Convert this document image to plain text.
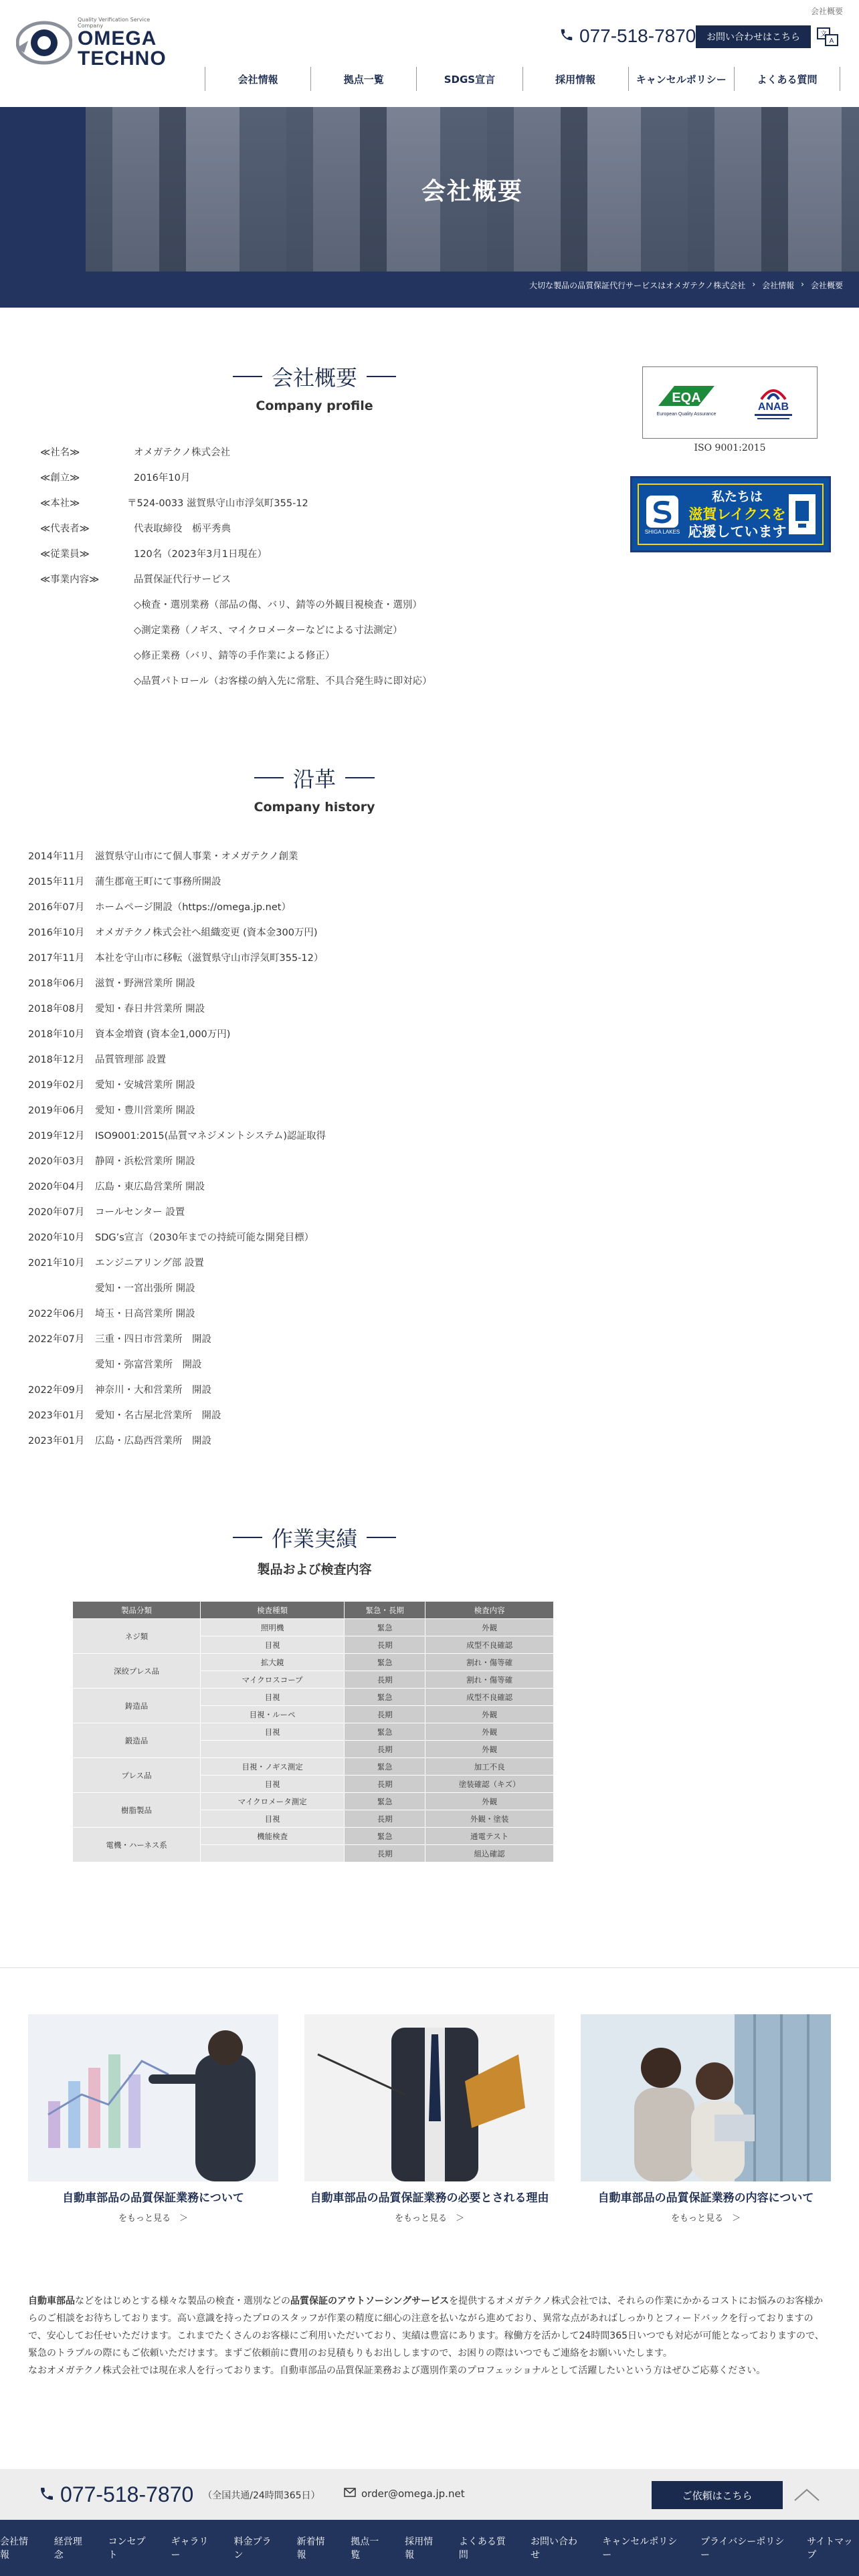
会社概要
Quality Verification Service Company
OMEGA
TECHNO
077-518-7870	お問い合わせはこちら	文
A
会社情報	拠点一覧	SDGS宣言	採用情報	キャンセルポリシー	よくある質問
会社概要
大切な製品の品質保証代行サービスはオメガテクノ株式会社 › 会社情報 › 会社概要
会社概要
Company profile
≪社名≫	オメガテクノ株式会社
≪創立≫	2016年10月
≪本社≫	〒524-0033 滋賀県守山市浮気町355-12
≪代表者≫	代表取締役　栃平秀典
≪従業員≫	120名（2023年3月1日現在）
≪事業内容≫	品質保証代行サービス
◇検査・選別業務（部品の傷、バリ、錆等の外観目視検査・選別）
◇測定業務（ノギス、マイクロメーターなどによる寸法測定）
◇修正業務（バリ、錆等の手作業による修正）
◇品質パトロール（お客様の納入先に常駐、不具合発生時に即対応）
EQA
European Quality Assurance
ANAB
ISO 9001:2015
SHIGA LAKES
私たちは
滋賀レイクスを
応援しています
沿革
Company history
2014年11月	滋賀県守山市にて個人事業・オメガテクノ創業
2015年11月	蒲生郡竜王町にて事務所開設
2016年07月	ホームページ開設（https://omega.jp.net）
2016年10月	オメガテクノ株式会社へ組織変更 (資本金300万円)
2017年11月	本社を守山市に移転（滋賀県守山市浮気町355-12）
2018年06月	滋賀・野洲営業所 開設
2018年08月	愛知・春日井営業所 開設
2018年10月	資本金増資 (資本金1,000万円)
2018年12月	品質管理部 設置
2019年02月	愛知・安城営業所 開設
2019年06月	愛知・豊川営業所 開設
2019年12月	ISO9001:2015(品質マネジメントシステム)認証取得
2020年03月	静岡・浜松営業所 開設
2020年04月	広島・東広島営業所 開設
2020年07月	コールセンター 設置
2020年10月	SDG’s宣言（2030年までの持続可能な開発目標）
2021年10月	エンジニアリング部 設置
愛知・一宮出張所 開設
2022年06月	埼玉・日高営業所 開設
2022年07月	三重・四日市営業所　開設
愛知・弥富営業所　開設
2022年09月	神奈川・大和営業所　開設
2023年01月	愛知・名古屋北営業所　開設
2023年01月	広島・広島西営業所　開設
作業実績
製品および検査内容
製品分類	検査種類	緊急・長期	検査内容
ネジ類	照明機	緊急	外観
	目視	長期	成型不良確認
深絞プレス品	拡大鏡	緊急	割れ・傷等確
	マイクロスコープ	長期	割れ・傷等確
鋳造品	目視	緊急	成型不良確認
	目視・ルーペ	長期	外観
鍛造品	目視	緊急	外観
		長期	外観
プレス品	目視・ノギス測定	緊急	加工不良
	目視	長期	塗装確認（キズ）
樹脂製品	マイクロメータ測定	緊急	外観
	目視	長期	外観・塗装
電機・ハーネス系	機能検査	緊急	通電テスト
		長期	組込確認
自動車部品の品質保証業務について
をもっと見る　＞
自動車部品の品質保証業務の必要とされる理由
をもっと見る　＞
自動車部品の品質保証業務の内容について
をもっと見る　＞

自動車部品などをはじめとする様々な製品の検査・選別などの品質保証のアウトソーシングサービスを提供するオメガテクノ株式会社では、それらの作業にかかるコストにお悩みのお客様からのご相談をお待ちしております。高い意識を持ったプロのスタッフが作業の精度に細心の注意を払いながら進めており、異常な点があればしっかりとフィードバックを行っておりますので、安心してお任せいただけます。これまでたくさんのお客様にご利用いただいており、実績は豊富にあります。稼働方を活かして24時間365日いつでも対応が可能となっておりますので、緊急のトラブルの際にもご依頼いただけます。まずご依頼前に費用のお見積もりもお出ししますので、お困りの際はいつでもご連絡をお願いいたします。

なおオメガテクノ株式会社では現在求人を行っております。自動車部品の品質保証業務および選別作業のプロフェッショナルとして活躍したいという方はぜひご応募ください。

077-518-7870 （全国共通/24時間365日）	order@omega.jp.net	ご依頼はこちら
会社情報
経営理念
コンセプト
ギャラリー
料金プラン
新着情報
拠点一覧
採用情報
よくある質問
お問い合わせ
キャンセルポリシー
プライバシーポリシー
サイトマップ
